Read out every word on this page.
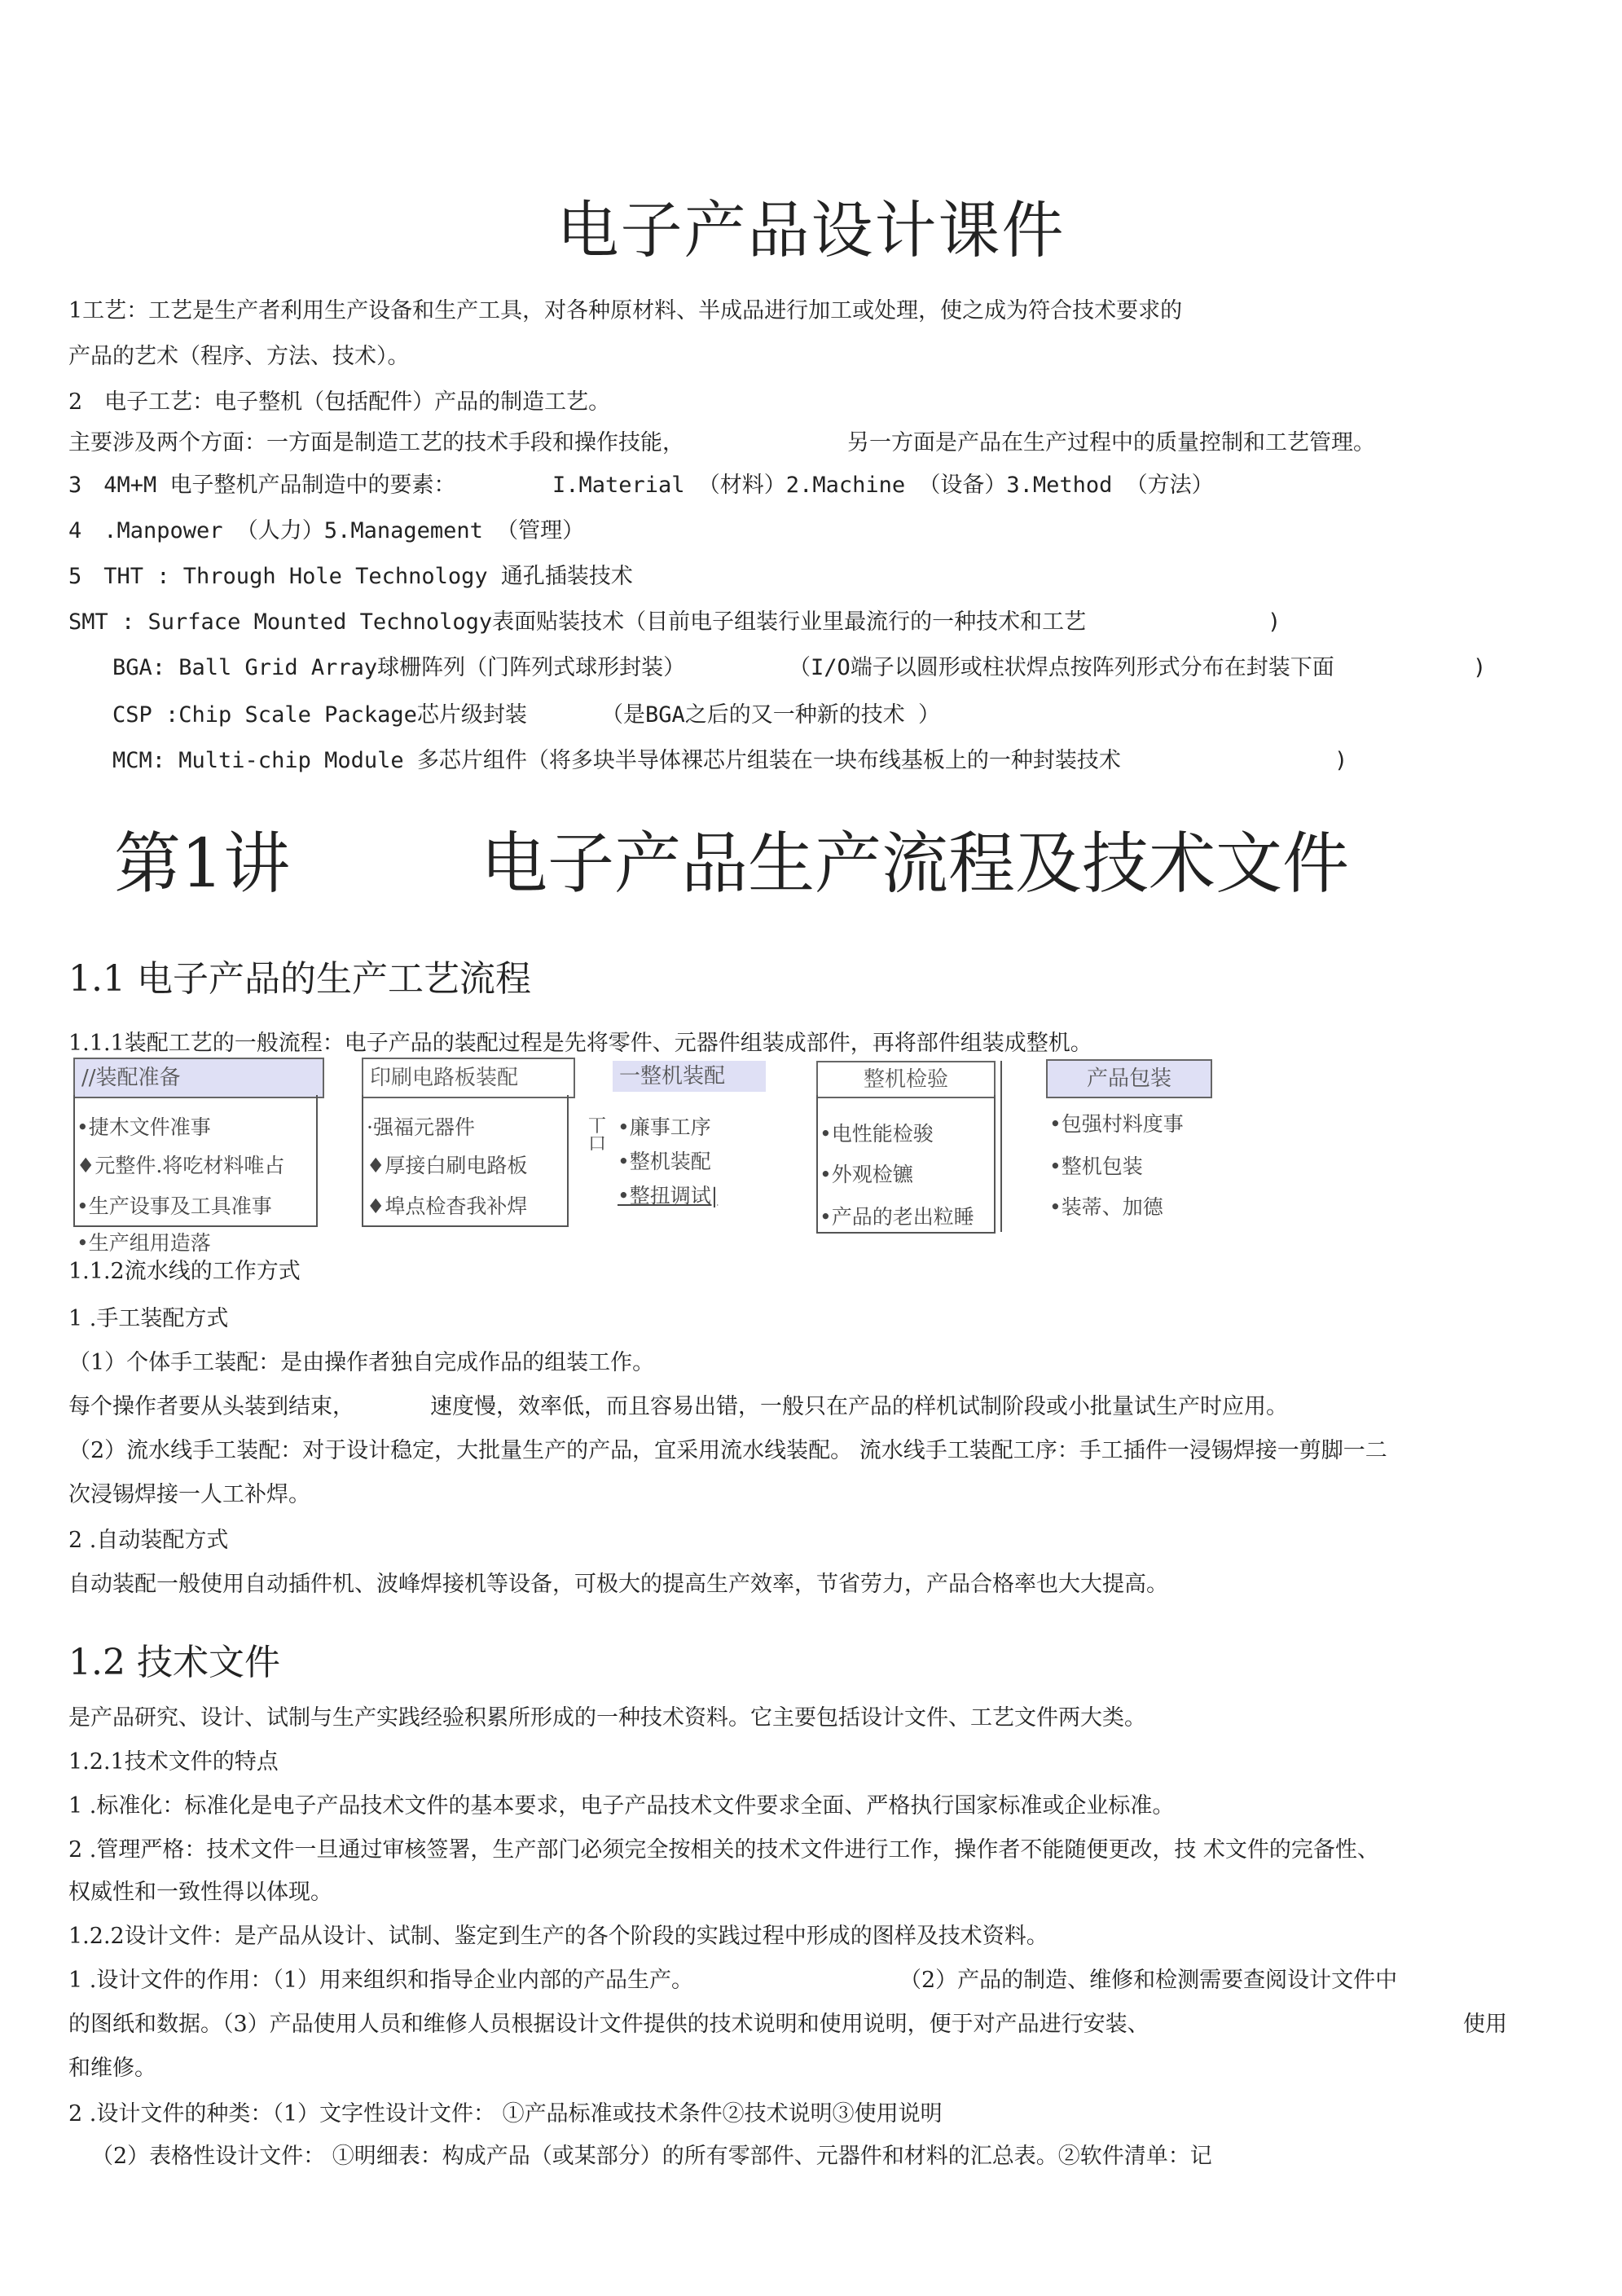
电子产品设计课件
1工艺：工艺是生产者利用生产设备和生产工具，对各种原材料、半成品进行加工或处理，使之成为符合技术要求的
产品的艺术（程序、方法、技术）。
2　电子工艺：电子整机（包括配件）产品的制造工艺。
主要涉及两个方面：一方面是制造工艺的技术手段和操作技能，	另一方面是产品在生产过程中的质量控制和工艺管理。
3　4M+M 电子整机产品制造中的要素：	I.Material （材料）2.Machine （设备）3.Method （方法）
4　.Manpower （人力）5.Management （管理）
5　THT : Through Hole Technology 通孔插装技术
SMT : Surface Mounted Technology表面贴装技术（目前电子组装行业里最流行的一种技术和工艺	)
BGA: Ball Grid Array球栅阵列（门阵列式球形封装）	（I/O端子以圆形或柱状焊点按阵列形式分布在封装下面	)
CSP :Chip Scale Package芯片级封装	（是BGA之后的又一种新的技术 ）
MCM: Multi-chip Module 多芯片组件（将多块半导体裸芯片组装在一块布线基板上的一种封装技术	)
第1讲	电子产品生产流程及技术文件
1.1 电子产品的生产工艺流程
1.1.1装配工艺的一般流程：电子产品的装配过程是先将零件、元器件组装成部件，再将部件组装成整机。
//装配准备
•捷木文件准事
♦元整件.将吃材料唯占
•生产设事及工具准事
•生产组用造落
印刷电路板装配
·强福元器件
♦厚接白刷电路板
♦埠点检杳我补焊
丅
口
一整机装配
•廉事工序
•整机装配
•整扭调试|
整机检验
•电性能检骏
•外观检镳
•产品的老出粒睡
产品包装
•包强村料度事
•整机包装
•装蒂、加德
1.1.2流水线的工作方式
1 .手工装配方式
（1）个体手工装配：是由操作者独自完成作品的组装工作。
每个操作者要从头装到结束，	速度慢，效率低，而且容易出错，一般只在产品的样机试制阶段或小批量试生产时应用。
（2）流水线手工装配：对于设计稳定，大批量生产的产品，宜采用流水线装配。 流水线手工装配工序：手工插件一浸锡焊接一剪脚一二
次浸锡焊接一人工补焊。
2 .自动装配方式
自动装配一般使用自动插件机、波峰焊接机等设备，可极大的提高生产效率，节省劳力，产品合格率也大大提高。
1.2 技术文件
是产品研究、设计、试制与生产实践经验积累所形成的一种技术资料。它主要包括设计文件、工艺文件两大类。
1.2.1技术文件的特点
1 .标准化：标准化是电子产品技术文件的基本要求，电子产品技术文件要求全面、严格执行国家标准或企业标准。
2 .管理严格：技术文件一旦通过审核签署，生产部门必须完全按相关的技术文件进行工作，操作者不能随便更改，技 术文件的完备性、
权威性和一致性得以体现。
1.2.2设计文件：是产品从设计、试制、鉴定到生产的各个阶段的实践过程中形成的图样及技术资料。
1 .设计文件的作用：（1）用来组织和指导企业内部的产品生产。	（2）产品的制造、维修和检测需要查阅设计文件中
的图纸和数据。（3）产品使用人员和维修人员根据设计文件提供的技术说明和使用说明，便于对产品进行安装、	使用
和维修。
2 .设计文件的种类：（1）文字性设计文件： ①产品标准或技术条件②技术说明③使用说明
（2）表格性设计文件： ①明细表：构成产品（或某部分）的所有零部件、元器件和材料的汇总表。②软件清单：记
